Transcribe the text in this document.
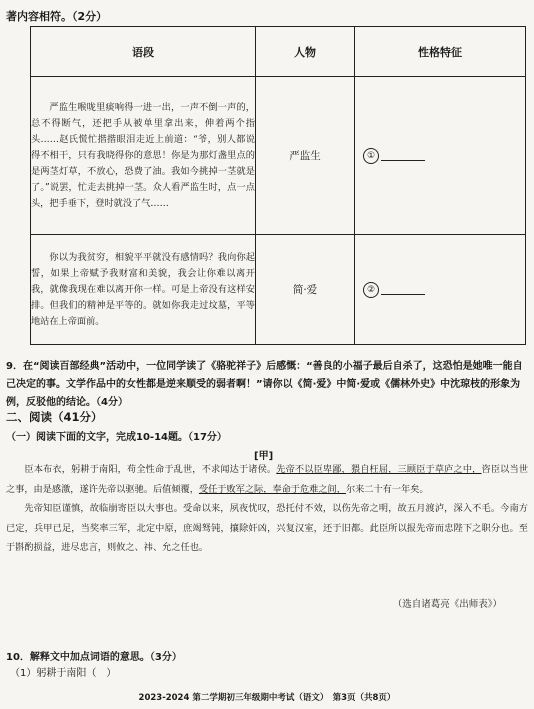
著内容相符。（2分）
语段	人物	性格特征

严监生喉咙里痰响得一进一出，一声不倒一声的，总不得断气，还把手从被单里拿出来，伸着两个指头……赵氏慌忙揩揩眼泪走近上前道：“爷，别人都说得不相干，只有我晓得你的意思！你是为那灯盏里点的是两茎灯草，不放心，恐费了油。我如今挑掉一茎就是了。”说罢，忙走去挑掉一茎。众人看严监生时，点一点头，把手垂下，登时就没了气……	严监生	①

你以为我贫穷，相貌平平就没有感情吗？我向你起誓，如果上帝赋予我财富和美貌，我会让你难以离开我，就像我现在难以离开你一样。可是上帝没有这样安排。但我们的精神是平等的。就如你我走过坟墓，平等地站在上帝面前。	简·爱	②
9．在“阅读百部经典”活动中，一位同学读了《骆驼祥子》后感慨：“善良的小福子最后自杀了，这恐怕是她唯一能自己决定的事。文学作品中的女性都是逆来顺受的弱者啊！”请你以《简·爱》中简·爱或《儒林外史》中沈琼枝的形象为例，反驳他的结论。（4分）
二、阅读（41分）
（一）阅读下面的文字，完成10-14题。（17分）
[甲]

臣本布衣，躬耕于南阳，苟全性命于乱世，不求闻达于诸侯。先帝不以臣卑鄙，猥自枉屈，三顾臣于草庐之中，咨臣以当世之事，由是感激，遂许先帝以驱驰。后值倾覆，受任于败军之际，奉命于危难之间，尔来二十有一年矣。

先帝知臣谨慎，故临崩寄臣以大事也。受命以来，夙夜忧叹，恐托付不效，以伤先帝之明，故五月渡泸，深入不毛。今南方已定，兵甲已足，当奖率三军，北定中原，庶竭驽钝，攘除奸凶，兴复汉室，还于旧都。此臣所以报先帝而忠陛下之职分也。至于斟酌损益，进尽忠言，则攸之、祎、允之任也。

（选自诸葛亮《出师表》）
10．解释文中加点词语的意思。（3分）
（1）躬耕于南阳（　）
2023-2024 第二学期初三年级期中考试（语文）　第3页（共8页）
